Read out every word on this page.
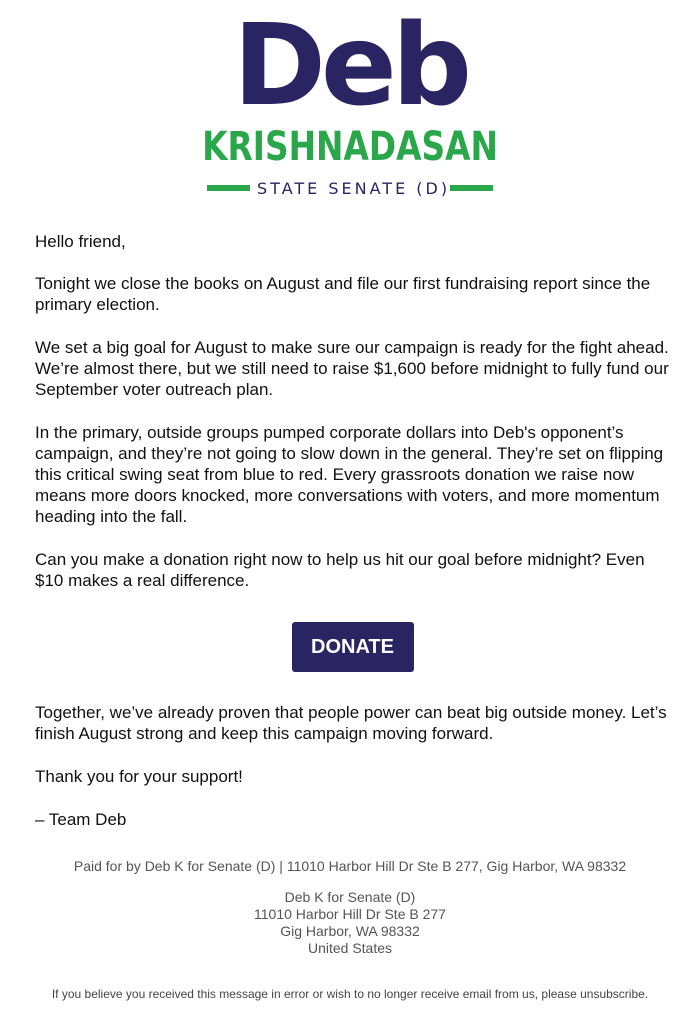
Deb
KRISHNADASAN
STATE SENATE (D)

Hello friend,

Tonight we close the books on August and file our first fundraising report since the primary election.

We set a big goal for August to make sure our campaign is ready for the fight ahead. We’re almost there, but we still need to raise $1,600 before midnight to fully fund our September voter outreach plan.

In the primary, outside groups pumped corporate dollars into Deb's opponent’s campaign, and they’re not going to slow down in the general. They’re set on flipping this critical swing seat from blue to red. Every grassroots donation we raise now means more doors knocked, more conversations with voters, and more momentum heading into the fall.

Can you make a donation right now to help us hit our goal before midnight? Even $10 makes a real difference.

DONATE

Together, we’ve already proven that people power can beat big outside money. Let’s finish August strong and keep this campaign moving forward.

Thank you for your support!

– Team Deb

Paid for by Deb K for Senate (D) | 11010 Harbor Hill Dr Ste B 277, Gig Harbor, WA 98332
Deb K for Senate (D)
11010 Harbor Hill Dr Ste B 277
Gig Harbor, WA 98332
United States
If you believe you received this message in error or wish to no longer receive email from us, please unsubscribe.
